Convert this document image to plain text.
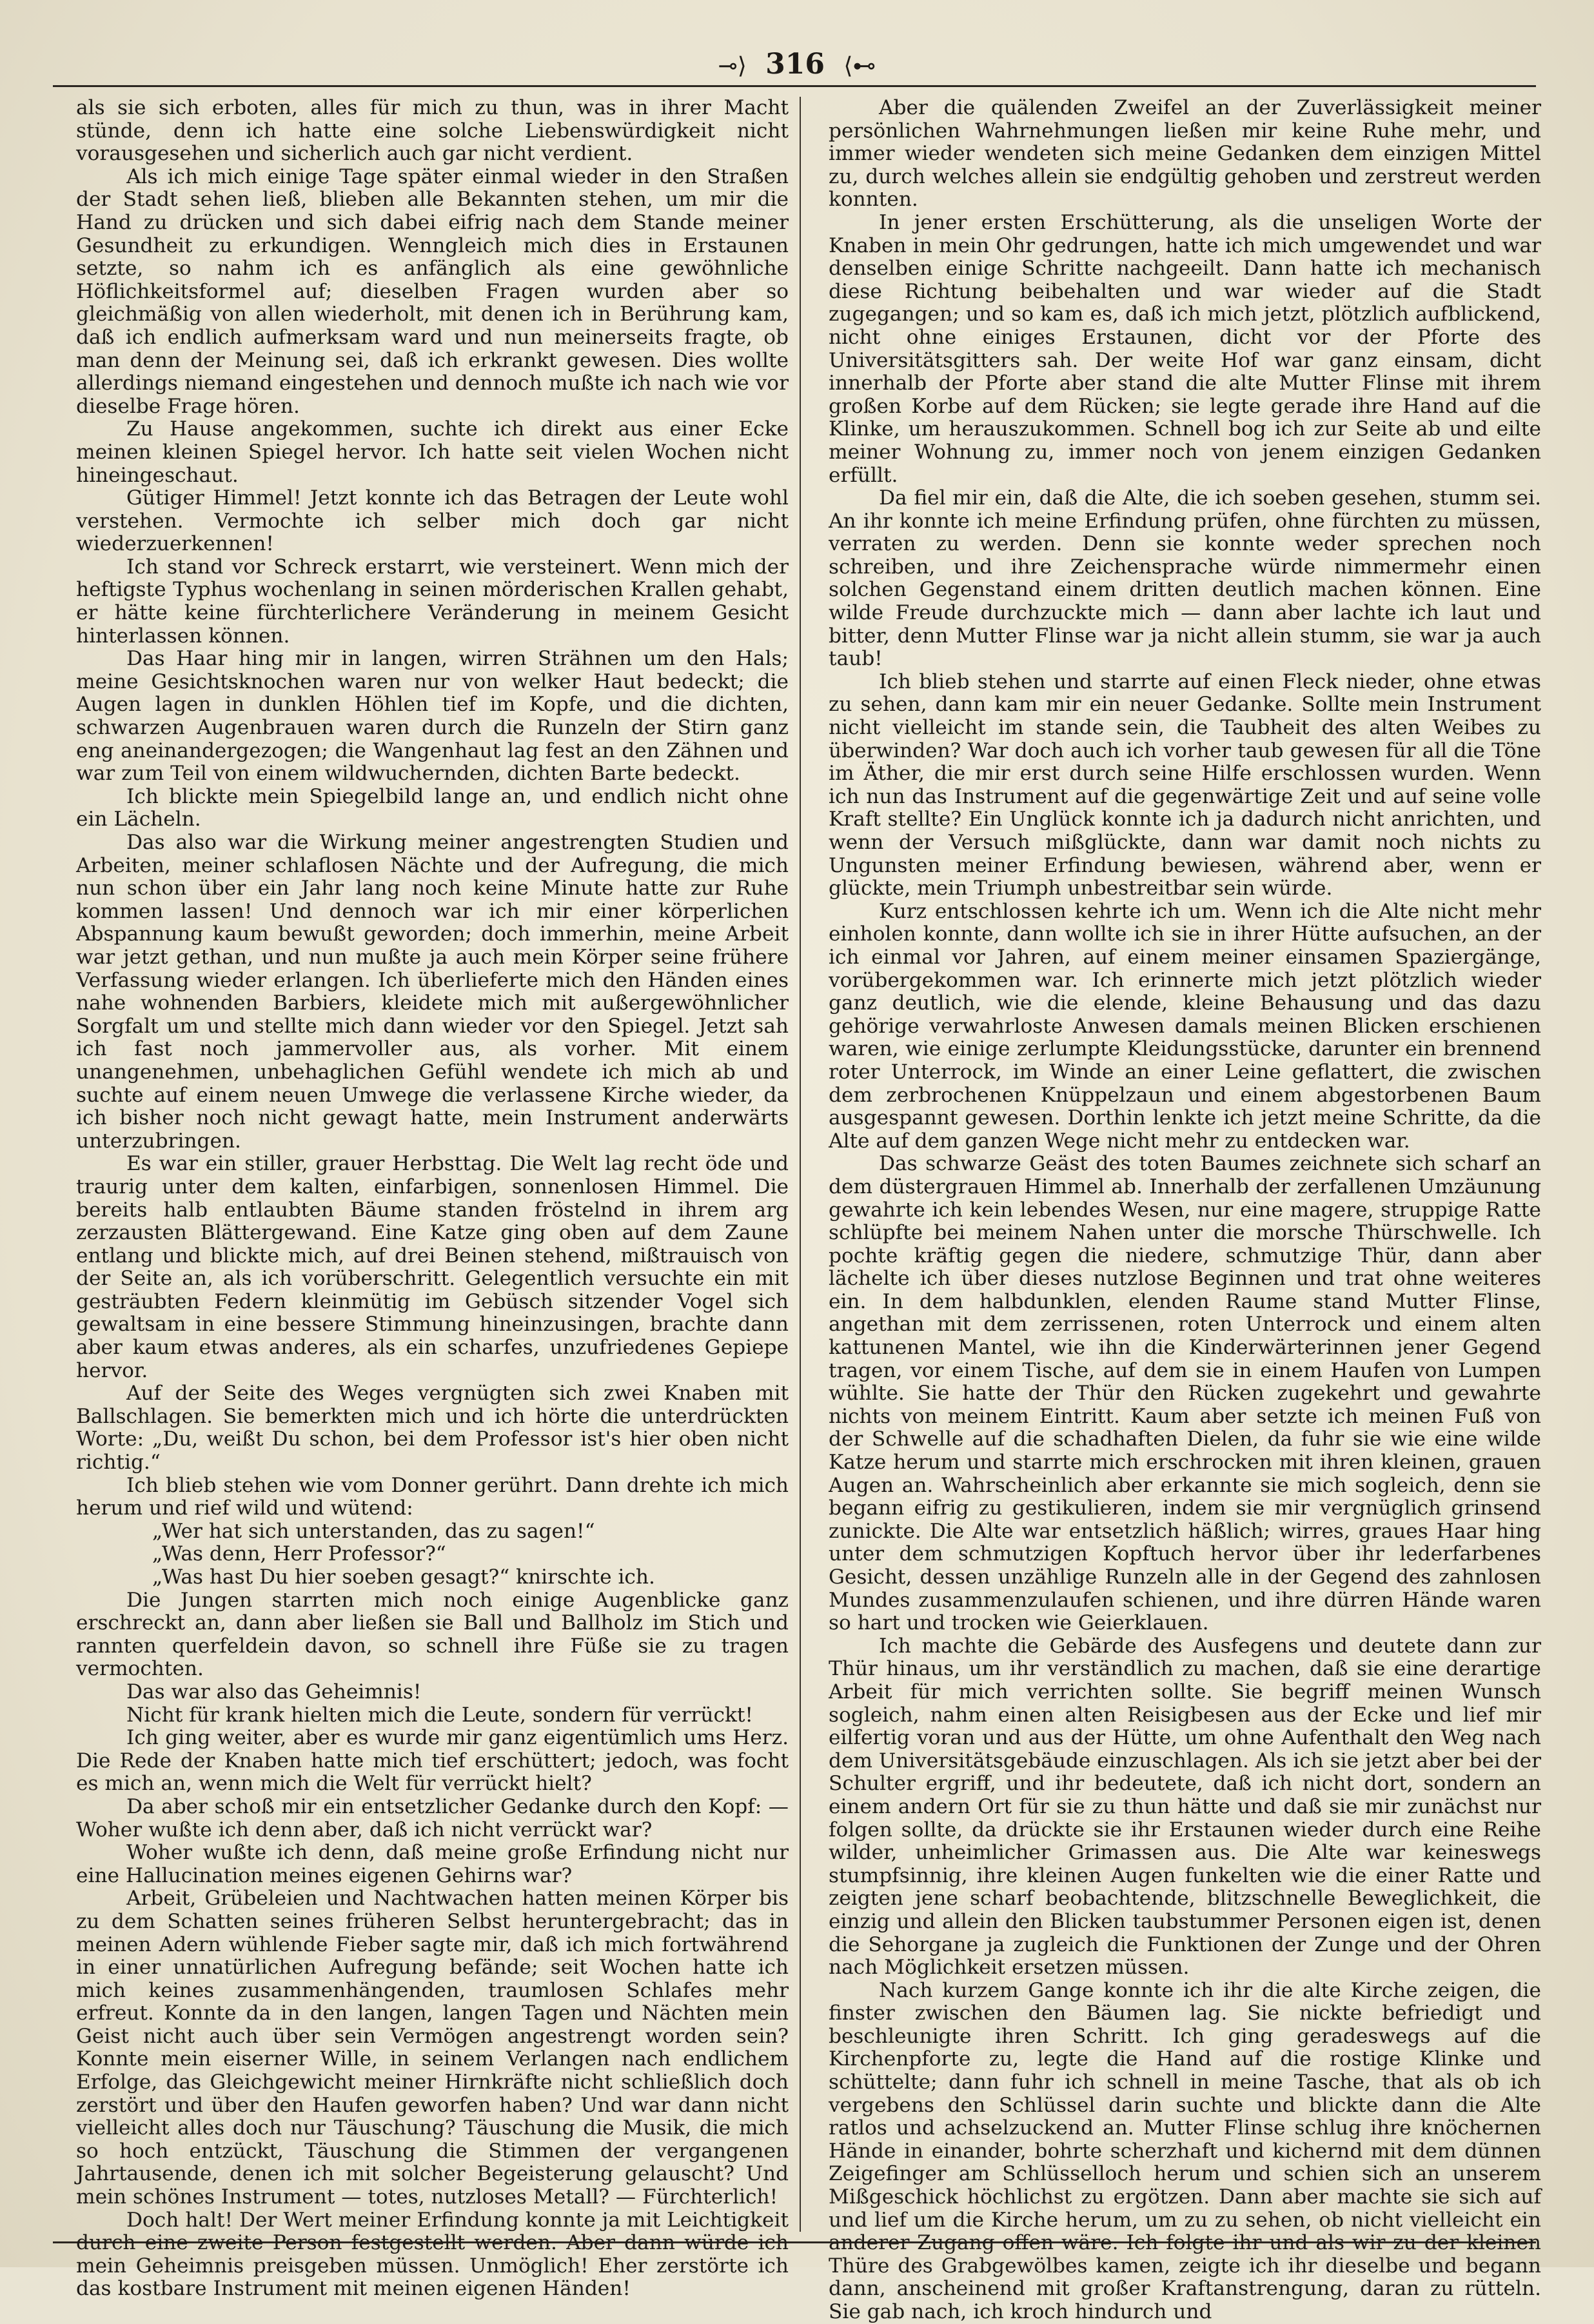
⊸⟩ 316 ⟨⊷

als sie sich erboten, alles für mich zu thun, was in ihrer Macht stünde, denn ich hatte eine solche Liebenswürdigkeit nicht vorausgesehen und sicherlich auch gar nicht verdient.

Als ich mich einige Tage später einmal wieder in den Straßen der Stadt sehen ließ, blieben alle Bekannten stehen, um mir die Hand zu drücken und sich dabei eifrig nach dem Stande meiner Gesundheit zu erkundigen. Wenngleich mich dies in Erstaunen setzte, so nahm ich es anfänglich als eine gewöhnliche Höflichkeitsformel auf; dieselben Fragen wurden aber so gleichmäßig von allen wiederholt, mit denen ich in Berührung kam, daß ich endlich aufmerksam ward und nun meinerseits fragte, ob man denn der Meinung sei, daß ich erkrankt gewesen. Dies wollte allerdings niemand eingestehen und dennoch mußte ich nach wie vor dieselbe Frage hören.

Zu Hause angekommen, suchte ich direkt aus einer Ecke meinen kleinen Spiegel hervor. Ich hatte seit vielen Wochen nicht hineingeschaut.

Gütiger Himmel! Jetzt konnte ich das Betragen der Leute wohl verstehen. Vermochte ich selber mich doch gar nicht wiederzuerkennen!

Ich stand vor Schreck erstarrt, wie versteinert. Wenn mich der heftigste Typhus wochenlang in seinen mörderischen Krallen gehabt, er hätte keine fürchterlichere Veränderung in meinem Gesicht hinterlassen können.

Das Haar hing mir in langen, wirren Strähnen um den Hals; meine Gesichtsknochen waren nur von welker Haut bedeckt; die Augen lagen in dunklen Höhlen tief im Kopfe, und die dichten, schwarzen Augenbrauen waren durch die Runzeln der Stirn ganz eng aneinandergezogen; die Wangenhaut lag fest an den Zähnen und war zum Teil von einem wildwuchernden, dichten Barte bedeckt.

Ich blickte mein Spiegelbild lange an, und endlich nicht ohne ein Lächeln.

Das also war die Wirkung meiner angestrengten Studien und Arbeiten, meiner schlaflosen Nächte und der Aufregung, die mich nun schon über ein Jahr lang noch keine Minute hatte zur Ruhe kommen lassen! Und dennoch war ich mir einer körperlichen Abspannung kaum bewußt geworden; doch immerhin, meine Arbeit war jetzt gethan, und nun mußte ja auch mein Körper seine frühere Verfassung wieder erlangen. Ich überlieferte mich den Händen eines nahe wohnenden Barbiers, kleidete mich mit außergewöhnlicher Sorgfalt um und stellte mich dann wieder vor den Spiegel. Jetzt sah ich fast noch jammervoller aus, als vorher. Mit einem unangenehmen, unbehaglichen Gefühl wendete ich mich ab und suchte auf einem neuen Umwege die verlassene Kirche wieder, da ich bisher noch nicht gewagt hatte, mein Instrument anderwärts unterzubringen.

Es war ein stiller, grauer Herbsttag. Die Welt lag recht öde und traurig unter dem kalten, einfarbigen, sonnenlosen Himmel. Die bereits halb entlaubten Bäume standen fröstelnd in ihrem arg zerzausten Blättergewand. Eine Katze ging oben auf dem Zaune entlang und blickte mich, auf drei Beinen stehend, mißtrauisch von der Seite an, als ich vorüberschritt. Gelegentlich versuchte ein mit gesträubten Federn kleinmütig im Gebüsch sitzender Vogel sich gewaltsam in eine bessere Stimmung hineinzusingen, brachte dann aber kaum etwas anderes, als ein scharfes, unzufriedenes Gepiepe hervor.

Auf der Seite des Weges vergnügten sich zwei Knaben mit Ballschlagen. Sie bemerkten mich und ich hörte die unterdrückten Worte: „Du, weißt Du schon, bei dem Professor ist's hier oben nicht richtig.“

Ich blieb stehen wie vom Donner gerührt. Dann drehte ich mich herum und rief wild und wütend:

„Wer hat sich unterstanden, das zu sagen!“

„Was denn, Herr Professor?“

„Was hast Du hier soeben gesagt?“ knirschte ich.

Die Jungen starrten mich noch einige Augenblicke ganz erschreckt an, dann aber ließen sie Ball und Ballholz im Stich und rannten querfeldein davon, so schnell ihre Füße sie zu tragen vermochten.

Das war also das Geheimnis!

Nicht für krank hielten mich die Leute, sondern für verrückt!

Ich ging weiter, aber es wurde mir ganz eigentümlich ums Herz. Die Rede der Knaben hatte mich tief erschüttert; jedoch, was focht es mich an, wenn mich die Welt für verrückt hielt?

Da aber schoß mir ein entsetzlicher Gedanke durch den Kopf: — Woher wußte ich denn aber, daß ich nicht verrückt war?

Woher wußte ich denn, daß meine große Erfindung nicht nur eine Hallucination meines eigenen Gehirns war?

Arbeit, Grübeleien und Nachtwachen hatten meinen Körper bis zu dem Schatten seines früheren Selbst heruntergebracht; das in meinen Adern wühlende Fieber sagte mir, daß ich mich fortwährend in einer unnatürlichen Aufregung befände; seit Wochen hatte ich mich keines zusammenhängenden, traumlosen Schlafes mehr erfreut. Konnte da in den langen, langen Tagen und Nächten mein Geist nicht auch über sein Vermögen angestrengt worden sein? Konnte mein eiserner Wille, in seinem Verlangen nach endlichem Erfolge, das Gleichgewicht meiner Hirnkräfte nicht schließlich doch zerstört und über den Haufen geworfen haben? Und war dann nicht vielleicht alles doch nur Täuschung? Täuschung die Musik, die mich so hoch entzückt, Täuschung die Stimmen der vergangenen Jahrtausende, denen ich mit solcher Begeisterung gelauscht? Und mein schönes Instrument — totes, nutzloses Metall? — Fürchterlich!

Doch halt! Der Wert meiner Erfindung konnte ja mit Leichtigkeit durch eine zweite Person festgestellt werden. Aber dann würde ich mein Geheimnis preisgeben müssen. Unmöglich! Eher zerstörte ich das kostbare Instrument mit meinen eigenen Händen!

Aber die quälenden Zweifel an der Zuverlässigkeit meiner persönlichen Wahrnehmungen ließen mir keine Ruhe mehr, und immer wieder wendeten sich meine Gedanken dem einzigen Mittel zu, durch welches allein sie endgültig gehoben und zerstreut werden konnten.

In jener ersten Erschütterung, als die unseligen Worte der Knaben in mein Ohr gedrungen, hatte ich mich umgewendet und war denselben einige Schritte nachgeeilt. Dann hatte ich mechanisch diese Richtung beibehalten und war wieder auf die Stadt zugegangen; und so kam es, daß ich mich jetzt, plötzlich aufblickend, nicht ohne einiges Erstaunen, dicht vor der Pforte des Universitätsgitters sah. Der weite Hof war ganz einsam, dicht innerhalb der Pforte aber stand die alte Mutter Flinse mit ihrem großen Korbe auf dem Rücken; sie legte gerade ihre Hand auf die Klinke, um herauszukommen. Schnell bog ich zur Seite ab und eilte meiner Wohnung zu, immer noch von jenem einzigen Gedanken erfüllt.

Da fiel mir ein, daß die Alte, die ich soeben gesehen, stumm sei. An ihr konnte ich meine Erfindung prüfen, ohne fürchten zu müssen, verraten zu werden. Denn sie konnte weder sprechen noch schreiben, und ihre Zeichensprache würde nimmermehr einen solchen Gegenstand einem dritten deutlich machen können. Eine wilde Freude durchzuckte mich — dann aber lachte ich laut und bitter, denn Mutter Flinse war ja nicht allein stumm, sie war ja auch taub!

Ich blieb stehen und starrte auf einen Fleck nieder, ohne etwas zu sehen, dann kam mir ein neuer Gedanke. Sollte mein Instrument nicht vielleicht im stande sein, die Taubheit des alten Weibes zu überwinden? War doch auch ich vorher taub gewesen für all die Töne im Äther, die mir erst durch seine Hilfe erschlossen wurden. Wenn ich nun das Instrument auf die gegenwärtige Zeit und auf seine volle Kraft stellte? Ein Unglück konnte ich ja dadurch nicht anrichten, und wenn der Versuch mißglückte, dann war damit noch nichts zu Ungunsten meiner Erfindung bewiesen, während aber, wenn er glückte, mein Triumph unbestreitbar sein würde.

Kurz entschlossen kehrte ich um. Wenn ich die Alte nicht mehr einholen konnte, dann wollte ich sie in ihrer Hütte aufsuchen, an der ich einmal vor Jahren, auf einem meiner einsamen Spaziergänge, vorübergekommen war. Ich erinnerte mich jetzt plötzlich wieder ganz deutlich, wie die elende, kleine Behausung und das dazu gehörige verwahrloste Anwesen damals meinen Blicken erschienen waren, wie einige zerlumpte Kleidungsstücke, darunter ein brennend roter Unterrock, im Winde an einer Leine geflattert, die zwischen dem zerbrochenen Knüppelzaun und einem abgestorbenen Baum ausgespannt gewesen. Dorthin lenkte ich jetzt meine Schritte, da die Alte auf dem ganzen Wege nicht mehr zu entdecken war.

Das schwarze Geäst des toten Baumes zeichnete sich scharf an dem düstergrauen Himmel ab. Innerhalb der zerfallenen Umzäunung gewahrte ich kein lebendes Wesen, nur eine magere, struppige Ratte schlüpfte bei meinem Nahen unter die morsche Thürschwelle. Ich pochte kräftig gegen die niedere, schmutzige Thür, dann aber lächelte ich über dieses nutzlose Beginnen und trat ohne weiteres ein. In dem halbdunklen, elenden Raume stand Mutter Flinse, angethan mit dem zerrissenen, roten Unterrock und einem alten kattunenen Mantel, wie ihn die Kinderwärterinnen jener Gegend tragen, vor einem Tische, auf dem sie in einem Haufen von Lumpen wühlte. Sie hatte der Thür den Rücken zugekehrt und gewahrte nichts von meinem Eintritt. Kaum aber setzte ich meinen Fuß von der Schwelle auf die schadhaften Dielen, da fuhr sie wie eine wilde Katze herum und starrte mich erschrocken mit ihren kleinen, grauen Augen an. Wahrscheinlich aber erkannte sie mich sogleich, denn sie begann eifrig zu gestikulieren, indem sie mir vergnüglich grinsend zunickte. Die Alte war entsetzlich häßlich; wirres, graues Haar hing unter dem schmutzigen Kopftuch hervor über ihr lederfarbenes Gesicht, dessen unzählige Runzeln alle in der Gegend des zahnlosen Mundes zusammenzulaufen schienen, und ihre dürren Hände waren so hart und trocken wie Geierklauen.

Ich machte die Gebärde des Ausfegens und deutete dann zur Thür hinaus, um ihr verständlich zu machen, daß sie eine derartige Arbeit für mich verrichten sollte. Sie begriff meinen Wunsch sogleich, nahm einen alten Reisigbesen aus der Ecke und lief mir eilfertig voran und aus der Hütte, um ohne Aufenthalt den Weg nach dem Universitätsgebäude einzuschlagen. Als ich sie jetzt aber bei der Schulter ergriff, und ihr bedeutete, daß ich nicht dort, sondern an einem andern Ort für sie zu thun hätte und daß sie mir zunächst nur folgen sollte, da drückte sie ihr Erstaunen wieder durch eine Reihe wilder, unheimlicher Grimassen aus. Die Alte war keineswegs stumpfsinnig, ihre kleinen Augen funkelten wie die einer Ratte und zeigten jene scharf beobachtende, blitzschnelle Beweglichkeit, die einzig und allein den Blicken taubstummer Personen eigen ist, denen die Sehorgane ja zugleich die Funktionen der Zunge und der Ohren nach Möglichkeit ersetzen müssen.

Nach kurzem Gange konnte ich ihr die alte Kirche zeigen, die finster zwischen den Bäumen lag. Sie nickte befriedigt und beschleunigte ihren Schritt. Ich ging geradeswegs auf die Kirchenpforte zu, legte die Hand auf die rostige Klinke und schüttelte; dann fuhr ich schnell in meine Tasche, that als ob ich vergebens den Schlüssel darin suchte und blickte dann die Alte ratlos und achselzuckend an. Mutter Flinse schlug ihre knöchernen Hände in einander, bohrte scherzhaft und kichernd mit dem dünnen Zeigefinger am Schlüsselloch herum und schien sich an unserem Mißgeschick höchlichst zu ergötzen. Dann aber machte sie sich auf und lief um die Kirche herum, um zu zu sehen, ob nicht vielleicht ein anderer Zugang offen wäre. Ich folgte ihr und als wir zu der kleinen Thüre des Grabgewölbes kamen, zeigte ich ihr dieselbe und begann dann, anscheinend mit großer Kraftanstrengung, daran zu rütteln. Sie gab nach, ich kroch hindurch und
